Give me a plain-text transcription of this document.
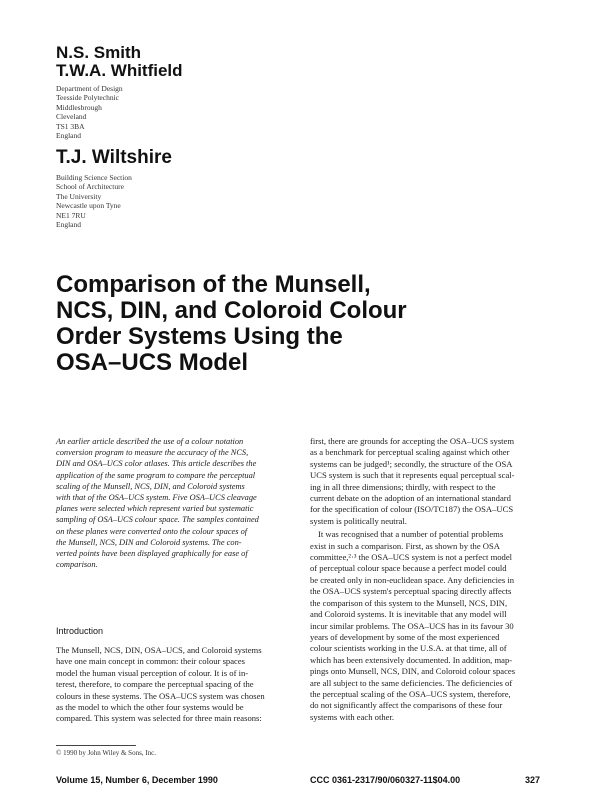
N.S. Smith
T.W.A. Whitfield
Department of Design
Teesside Polytechnic
Middlesbrough
Cleveland
TS1 3BA
England
T.J. Wiltshire
Building Science Section
School of Architecture
The University
Newcastle upon Tyne
NE1 7RU
England
Comparison of the Munsell,
NCS, DIN, and Coloroid Colour
Order Systems Using the
OSA–UCS Model
An earlier article described the use of a colour notation
conversion program to measure the accuracy of the NCS,
DIN and OSA–UCS color atlases. This article describes the
application of the same program to compare the perceptual
scaling of the Munsell, NCS, DIN, and Coloroid systems
with that of the OSA–UCS system. Five OSA–UCS cleavage
planes were selected which represent varied but systematic
sampling of OSA–UCS colour space. The samples contained
on these planes were converted onto the colour spaces of
the Munsell, NCS, DIN and Coloroid systems. The con-
verted points have been displayed graphically for ease of
comparison.
Introduction
The Munsell, NCS, DIN, OSA–UCS, and Coloroid systems
have one main concept in common: their colour spaces
model the human visual perception of colour. It is of in-
terest, therefore, to compare the perceptual spacing of the
colours in these systems. The OSA–UCS system was chosen
as the model to which the other four systems would be
compared. This system was selected for three main reasons:
first, there are grounds for accepting the OSA–UCS system
as a benchmark for perceptual scaling against which other
systems can be judged¹; secondly, the structure of the OSA
UCS system is such that it represents equal perceptual scal-
ing in all three dimensions; thirdly, with respect to the
current debate on the adoption of an international standard
for the specification of colour (ISO/TC187) the OSA–UCS
system is politically neutral.
It was recognised that a number of potential problems
exist in such a comparison. First, as shown by the OSA
committee,²·³ the OSA–UCS system is not a perfect model
of perceptual colour space because a perfect model could
be created only in non-euclidean space. Any deficiencies in
the OSA–UCS system's perceptual spacing directly affects
the comparison of this system to the Munsell, NCS, DIN,
and Coloroid systems. It is inevitable that any model will
incur similar problems. The OSA–UCS has in its favour 30
years of development by some of the most experienced
colour scientists working in the U.S.A. at that time, all of
which has been extensively documented. In addition, map-
pings onto Munsell, NCS, DIN, and Coloroid colour spaces
are all subject to the same deficiencies. The deficiencies of
the perceptual scaling of the OSA–UCS system, therefore,
do not significantly affect the comparisons of these four
systems with each other.
© 1990 by John Wiley & Sons, Inc.
Volume 15, Number 6, December 1990	CCC 0361-2317/90/060327-11$04.00	327
